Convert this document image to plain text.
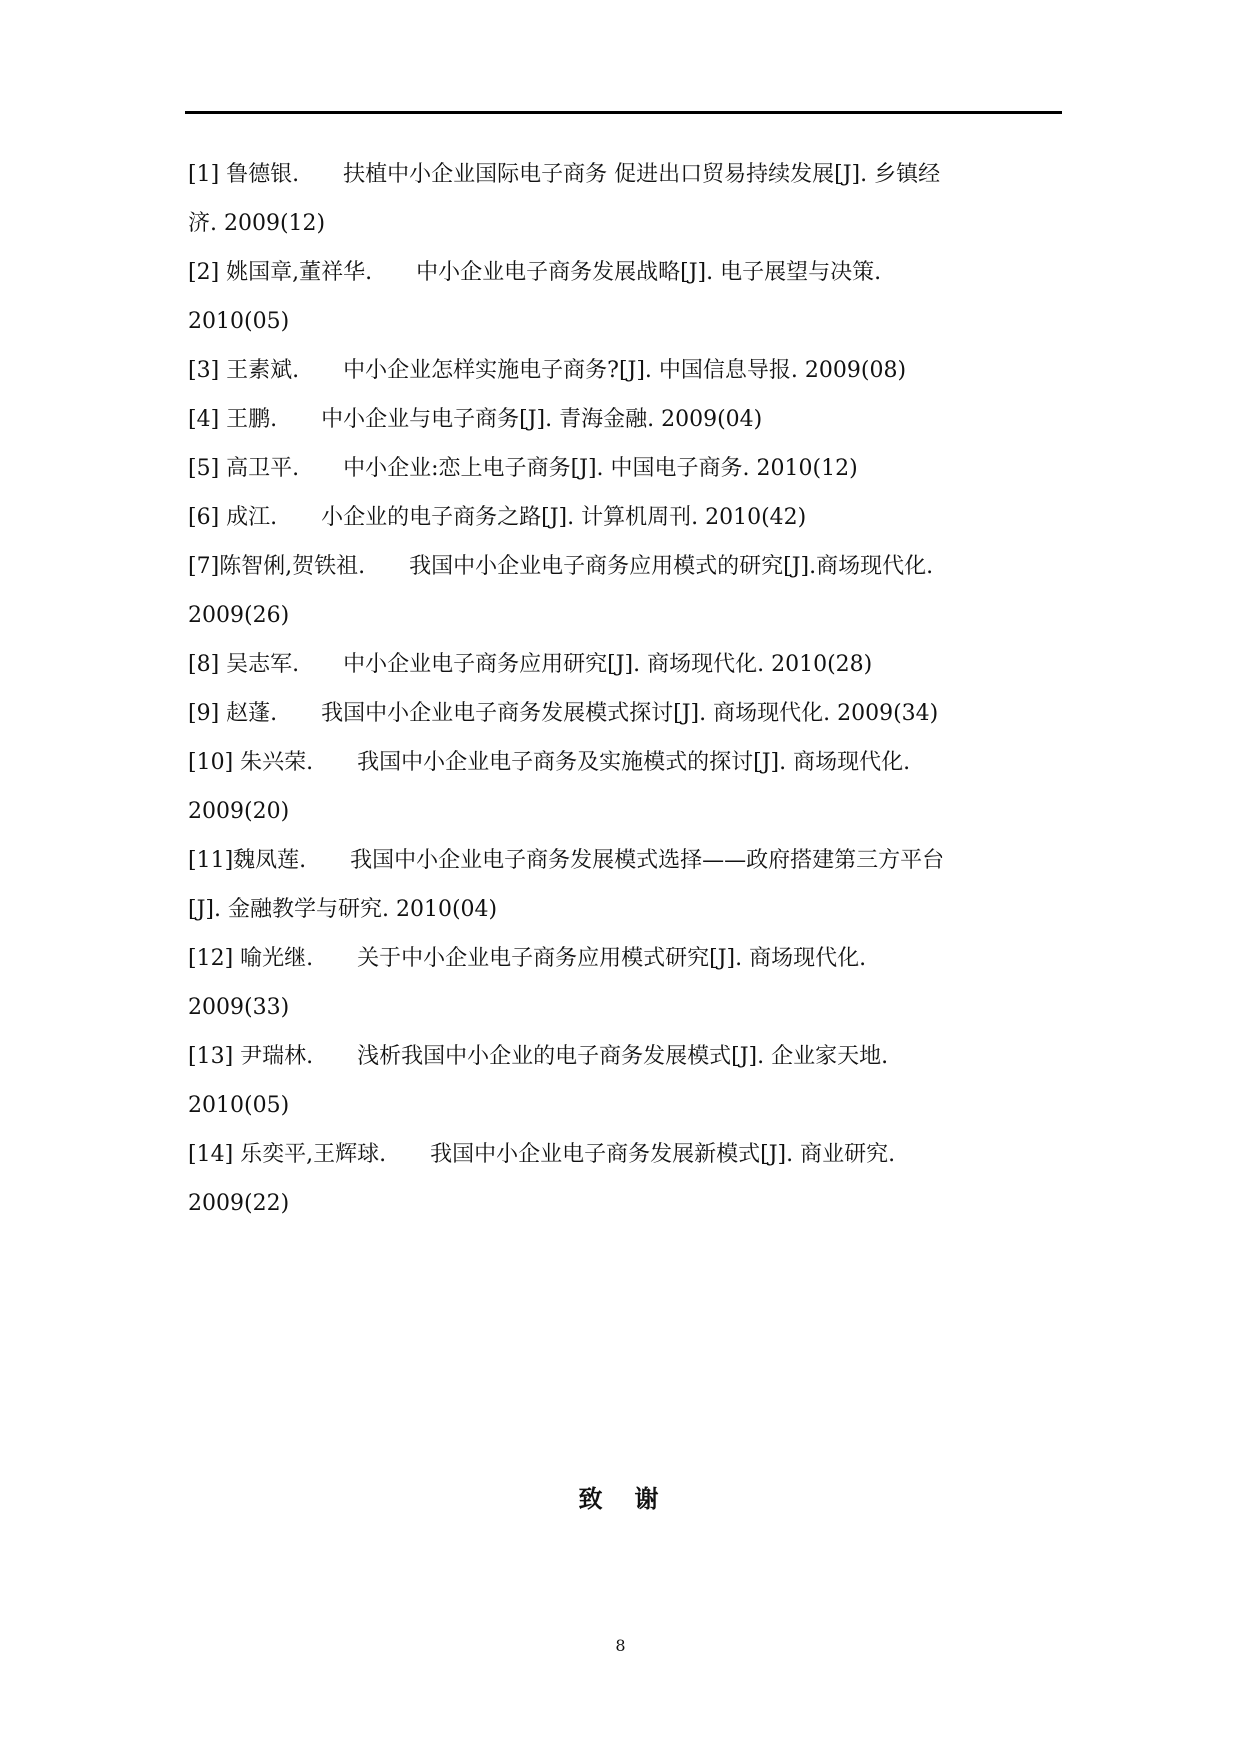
[1] 鲁德银.　　扶植中小企业国际电子商务 促进出口贸易持续发展[J]. 乡镇经
济. 2009(12)
[2] 姚国章,董祥华.　　中小企业电子商务发展战略[J]. 电子展望与决策.
2010(05)
[3] 王素斌.　　中小企业怎样实施电子商务?[J]. 中国信息导报. 2009(08)
[4] 王鹏.　　中小企业与电子商务[J]. 青海金融. 2009(04)
[5] 高卫平.　　中小企业:恋上电子商务[J]. 中国电子商务. 2010(12)
[6] 成江.　　小企业的电子商务之路[J]. 计算机周刊. 2010(42)
[7]陈智俐,贺铁祖.　　我国中小企业电子商务应用模式的研究[J].商场现代化.
2009(26)
[8] 吴志军.　　中小企业电子商务应用研究[J]. 商场现代化. 2010(28)
[9] 赵蓬.　　我国中小企业电子商务发展模式探讨[J]. 商场现代化. 2009(34)
[10] 朱兴荣.　　我国中小企业电子商务及实施模式的探讨[J]. 商场现代化.
2009(20)
[11]魏凤莲.　　我国中小企业电子商务发展模式选择——政府搭建第三方平台
[J]. 金融教学与研究. 2010(04)
[12] 喻光继.　　关于中小企业电子商务应用模式研究[J]. 商场现代化.
2009(33)
[13] 尹瑞林.　　浅析我国中小企业的电子商务发展模式[J]. 企业家天地.
2010(05)
[14] 乐奕平,王辉球.　　我国中小企业电子商务发展新模式[J]. 商业研究.
2009(22)
致　谢
8
